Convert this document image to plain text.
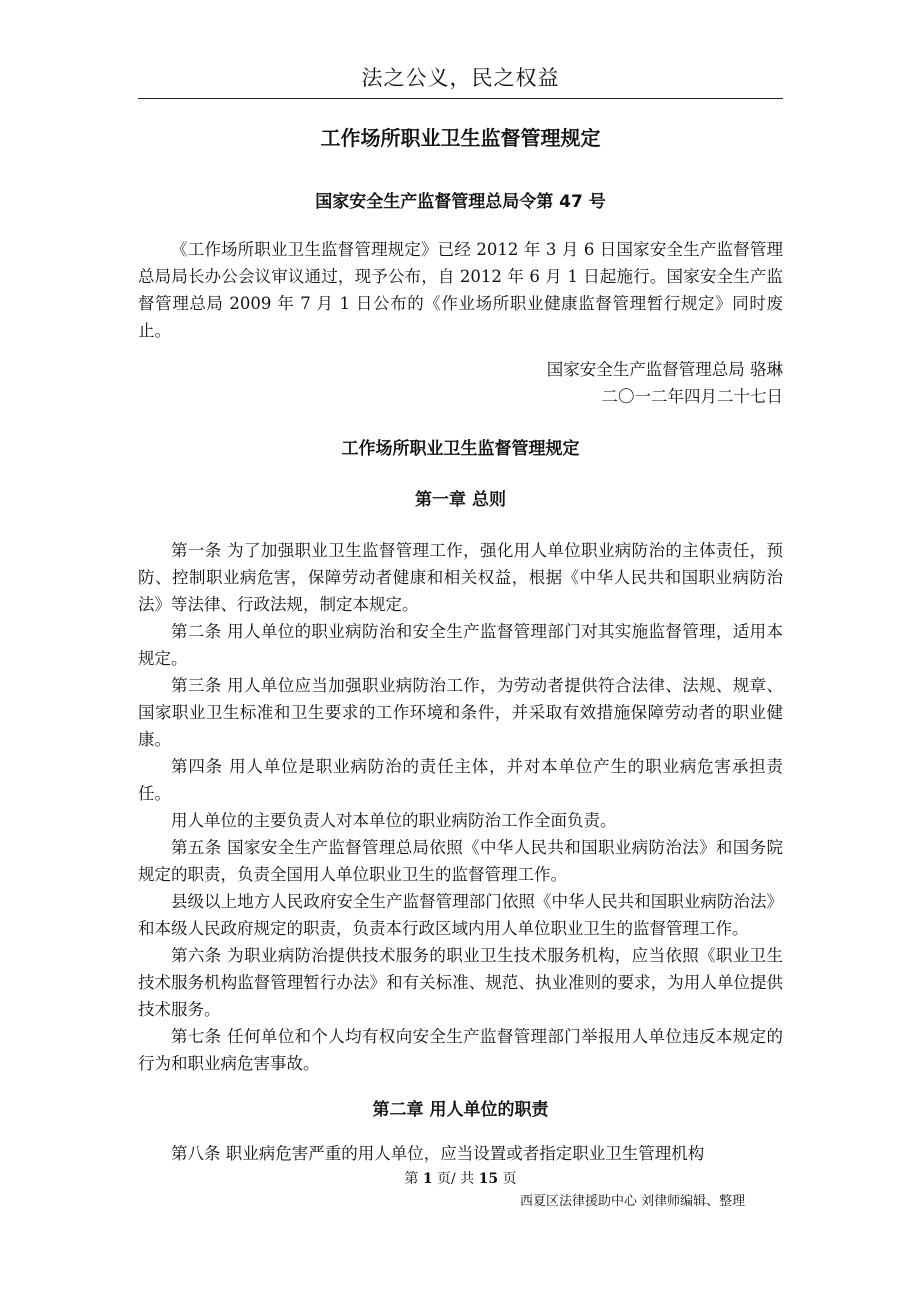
法之公义，民之权益
工作场所职业卫生监督管理规定
国家安全生产监督管理总局令第 47 号

《工作场所职业卫生监督管理规定》已经 2012 年 3 月 6 日国家安全生产监督管理总局局长办公会议审议通过，现予公布，自 2012 年 6 月 1 日起施行。国家安全生产监督管理总局 2009 年 7 月 1 日公布的《作业场所职业健康监督管理暂行规定》同时废止。

国家安全生产监督管理总局 骆琳
二〇一二年四月二十七日
工作场所职业卫生监督管理规定
第一章 总则

第一条 为了加强职业卫生监督管理工作，强化用人单位职业病防治的主体责任，预防、控制职业病危害，保障劳动者健康和相关权益，根据《中华人民共和国职业病防治法》等法律、行政法规，制定本规定。

第二条 用人单位的职业病防治和安全生产监督管理部门对其实施监督管理，适用本规定。

第三条 用人单位应当加强职业病防治工作，为劳动者提供符合法律、法规、规章、国家职业卫生标准和卫生要求的工作环境和条件，并采取有效措施保障劳动者的职业健康。

第四条 用人单位是职业病防治的责任主体，并对本单位产生的职业病危害承担责任。

用人单位的主要负责人对本单位的职业病防治工作全面负责。

第五条 国家安全生产监督管理总局依照《中华人民共和国职业病防治法》和国务院规定的职责，负责全国用人单位职业卫生的监督管理工作。

县级以上地方人民政府安全生产监督管理部门依照《中华人民共和国职业病防治法》和本级人民政府规定的职责，负责本行政区域内用人单位职业卫生的监督管理工作。

第六条 为职业病防治提供技术服务的职业卫生技术服务机构，应当依照《职业卫生技术服务机构监督管理暂行办法》和有关标准、规范、执业准则的要求，为用人单位提供技术服务。

第七条 任何单位和个人均有权向安全生产监督管理部门举报用人单位违反本规定的行为和职业病危害事故。

第二章 用人单位的职责

第八条 职业病危害严重的用人单位，应当设置或者指定职业卫生管理机构

第 1 页/ 共 15 页
西夏区法律援助中心 刘律师编辑、整理
